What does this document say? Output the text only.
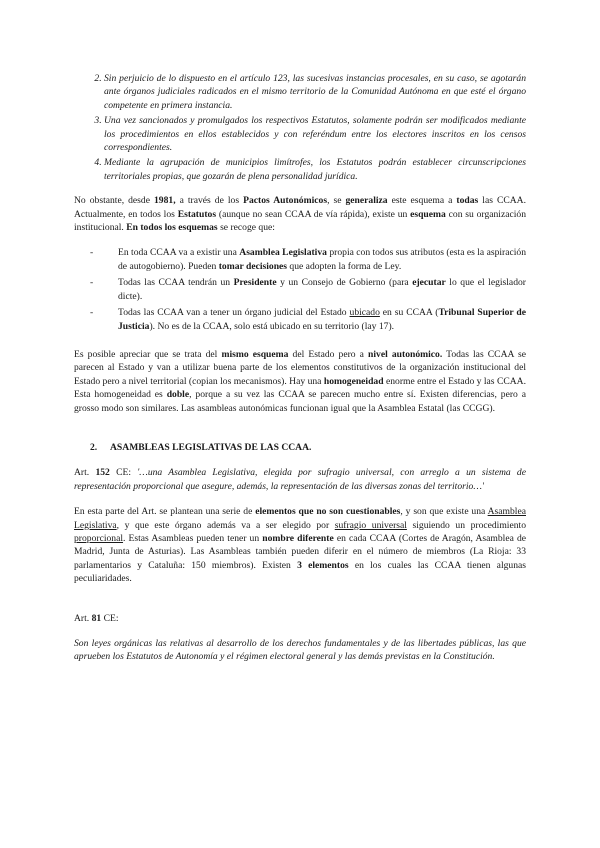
2. Sin perjuicio de lo dispuesto en el artículo 123, las sucesivas instancias procesales, en su caso, se agotarán ante órganos judiciales radicados en el mismo territorio de la Comunidad Autónoma en que esté el órgano competente en primera instancia.
3. Una vez sancionados y promulgados los respectivos Estatutos, solamente podrán ser modificados mediante los procedimientos en ellos establecidos y con referéndum entre los electores inscritos en los censos correspondientes.
4. Mediante la agrupación de municipios limítrofes, los Estatutos podrán establecer circunscripciones territoriales propias, que gozarán de plena personalidad jurídica.

No obstante, desde 1981, a través de los Pactos Autonómicos, se generaliza este esquema a todas las CCAA. Actualmente, en todos los Estatutos (aunque no sean CCAA de vía rápida), existe un esquema con su organización institucional. En todos los esquemas se recoge que:

- En toda CCAA va a existir una Asamblea Legislativa propia con todos sus atributos (esta es la aspiración de autogobierno). Pueden tomar decisiones que adopten la forma de Ley.
- Todas las CCAA tendrán un Presidente y un Consejo de Gobierno (para ejecutar lo que el legislador dicte).
- Todas las CCAA van a tener un órgano judicial del Estado ubicado en su CCAA (Tribunal Superior de Justicia). No es de la CCAA, solo está ubicado en su territorio (lay 17).

Es posible apreciar que se trata del mismo esquema del Estado pero a nivel autonómico. Todas las CCAA se parecen al Estado y van a utilizar buena parte de los elementos constitutivos de la organización institucional del Estado pero a nivel territorial (copian los mecanismos). Hay una homogeneidad enorme entre el Estado y las CCAA. Esta homogeneidad es doble, porque a su vez las CCAA se parecen mucho entre sí. Existen diferencias, pero a grosso modo son similares. Las asambleas autonómicas funcionan igual que la Asamblea Estatal (las CCGG).

2. ASAMBLEAS LEGISLATIVAS DE LAS CCAA.

Art. 152 CE: '…una Asamblea Legislativa, elegida por sufragio universal, con arreglo a un sistema de representación proporcional que asegure, además, la representación de las diversas zonas del territorio…'

En esta parte del Art. se plantean una serie de elementos que no son cuestionables, y son que existe una Asamblea Legislativa, y que este órgano además va a ser elegido por sufragio universal siguiendo un procedimiento proporcional. Estas Asambleas pueden tener un nombre diferente en cada CCAA (Cortes de Aragón, Asamblea de Madrid, Junta de Asturias). Las Asambleas también pueden diferir en el número de miembros (La Rioja: 33 parlamentarios y Cataluña: 150 miembros). Existen 3 elementos en los cuales las CCAA tienen algunas peculiaridades.

Art. 81 CE:

Son leyes orgánicas las relativas al desarrollo de los derechos fundamentales y de las libertades públicas, las que aprueben los Estatutos de Autonomía y el régimen electoral general y las demás previstas en la Constitución.
